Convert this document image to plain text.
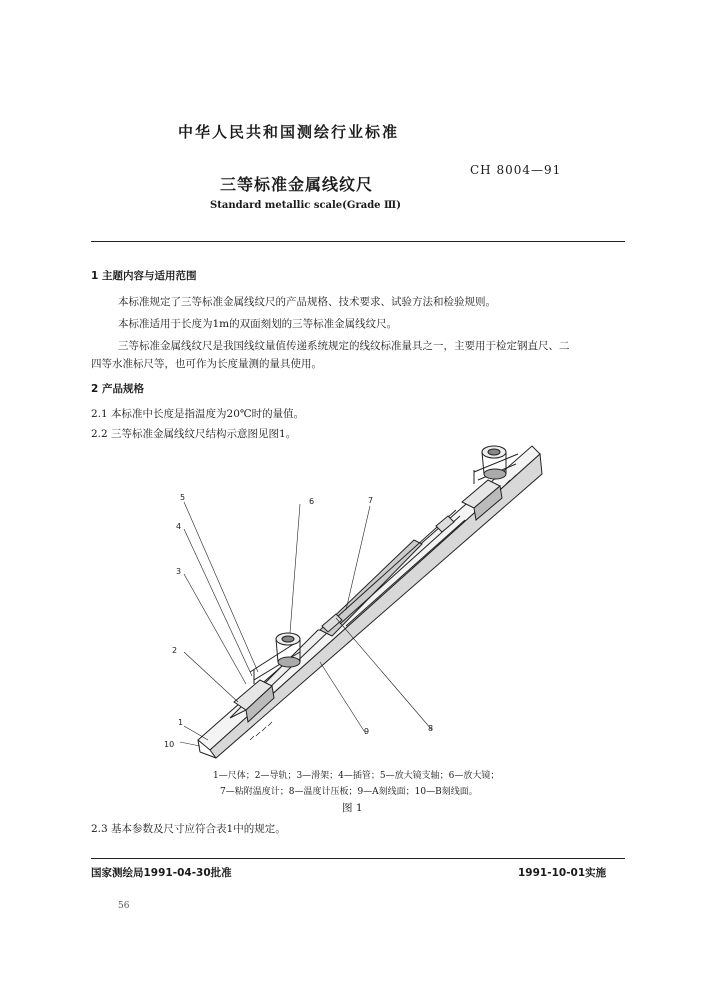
中华人民共和国测绘行业标准
CH 8004—91
三等标准金属线纹尺
Standard metallic scale(Grade Ⅲ)
1 主题内容与适用范围
本标准规定了三等标准金属线纹尺的产品规格、技术要求、试验方法和检验规则。
本标准适用于长度为1m的双面刻划的三等标准金属线纹尺。
三等标准金属线纹尺是我国线纹量值传递系统规定的线纹标准量具之一，主要用于检定钢直尺、二
四等水准标尺等，也可作为长度量测的量具使用。
2 产品规格
2.1 本标准中长度是指温度为20℃时的量值。
2.2 三等标准金属线纹尺结构示意图见图1。
1
2
3
4
5	6	7
8
9
10
1—尺体；2—导轨；3—滑架；4—插管；5—放大镜支轴；6—放大镜；
7—粘附温度计；8—温度计压板；9—A刻线面；10—B刻线面。
图 1
2.3 基本参数及尺寸应符合表1中的规定。
国家测绘局1991-04-30批准	1991-10-01实施
56
